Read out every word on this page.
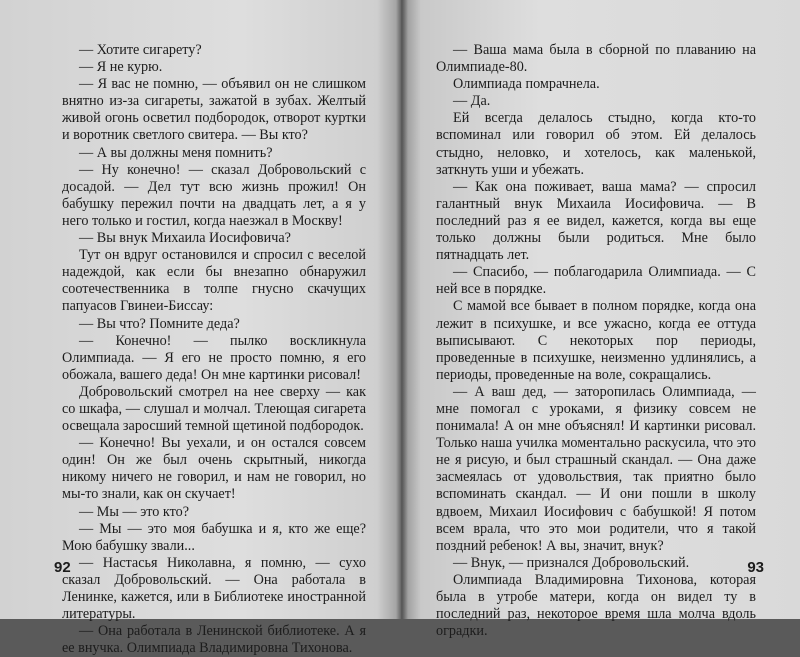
— Хотите сигарету?

— Я не курю.

— Я вас не помню, — объявил он не слишком внятно из-за сигареты, зажатой в зубах. Желтый живой огонь осветил подбородок, отворот куртки и воротник светлого свитера. — Вы кто?

— А вы должны меня помнить?

— Ну конечно! — сказал Добровольский с досадой. — Дел тут всю жизнь прожил! Он бабушку пережил почти на двадцать лет, а я у него только и гостил, когда наезжал в Москву!

— Вы внук Михаила Иосифовича?

Тут он вдруг остановился и спросил с веселой надеждой, как если бы внезапно обнаружил соотечественника в толпе гнусно скачущих папуасов Гвинеи-Биссау:

— Вы что? Помните деда?

— Конечно! — пылко воскликнула Олимпиада. — Я его не просто помню, я его обожала, вашего деда! Он мне картинки рисовал!

Добровольский смотрел на нее сверху — как со шкафа, — слушал и молчал. Тлеющая сигарета освещала заросший темной щетиной подбородок.

— Конечно! Вы уехали, и он остался совсем один! Он же был очень скрытный, никогда никому ничего не говорил, и нам не говорил, но мы-то знали, как он скучает!

— Мы — это кто?

— Мы — это моя бабушка и я, кто же еще? Мою бабушку звали...

— Настасья Николавна, я помню, — сухо сказал Добровольский. — Она работала в Ленинке, кажется, или в Библиотеке иностранной литературы.

— Она работала в Ленинской библиотеке. А я ее внучка. Олимпиада Владимировна Тихонова.

92

— Ваша мама была в сборной по плаванию на Олимпиаде-80.

Олимпиада помрачнела.

— Да.

Ей всегда делалось стыдно, когда кто-то вспоминал или говорил об этом. Ей делалось стыдно, неловко, и хотелось, как маленькой, заткнуть уши и убежать.

— Как она поживает, ваша мама? — спросил галантный внук Михаила Иосифовича. — В последний раз я ее видел, кажется, когда вы еще только должны были родиться. Мне было пятнадцать лет.

— Спасибо, — поблагодарила Олимпиада. — С ней все в порядке.

С мамой все бывает в полном порядке, когда она лежит в психушке, и все ужасно, когда ее оттуда выписывают. С некоторых пор периоды, проведенные в психушке, неизменно удлинялись, а периоды, проведенные на воле, сокращались.

— А ваш дед, — затоpопилась Олимпиада, — мне помогал с уроками, я физику совсем не понимала! А он мне объяснял! И картинки рисовал. Только наша училка моментально раскусила, что это не я рисую, и был страшный скандал. — Она даже засмеялась от удовольствия, так приятно было вспоминать скандал. — И они пошли в школу вдвоем, Михаил Иосифович с бабушкой! Я потом всем врала, что это мои родители, что я такой поздний ребенок! А вы, значит, внук?

— Внук, — признался Добровольский.

Олимпиада Владимировна Тихонова, которая была в утробе матери, когда он видел ту в последний раз, некоторое время шла молча вдоль оградки.

93
